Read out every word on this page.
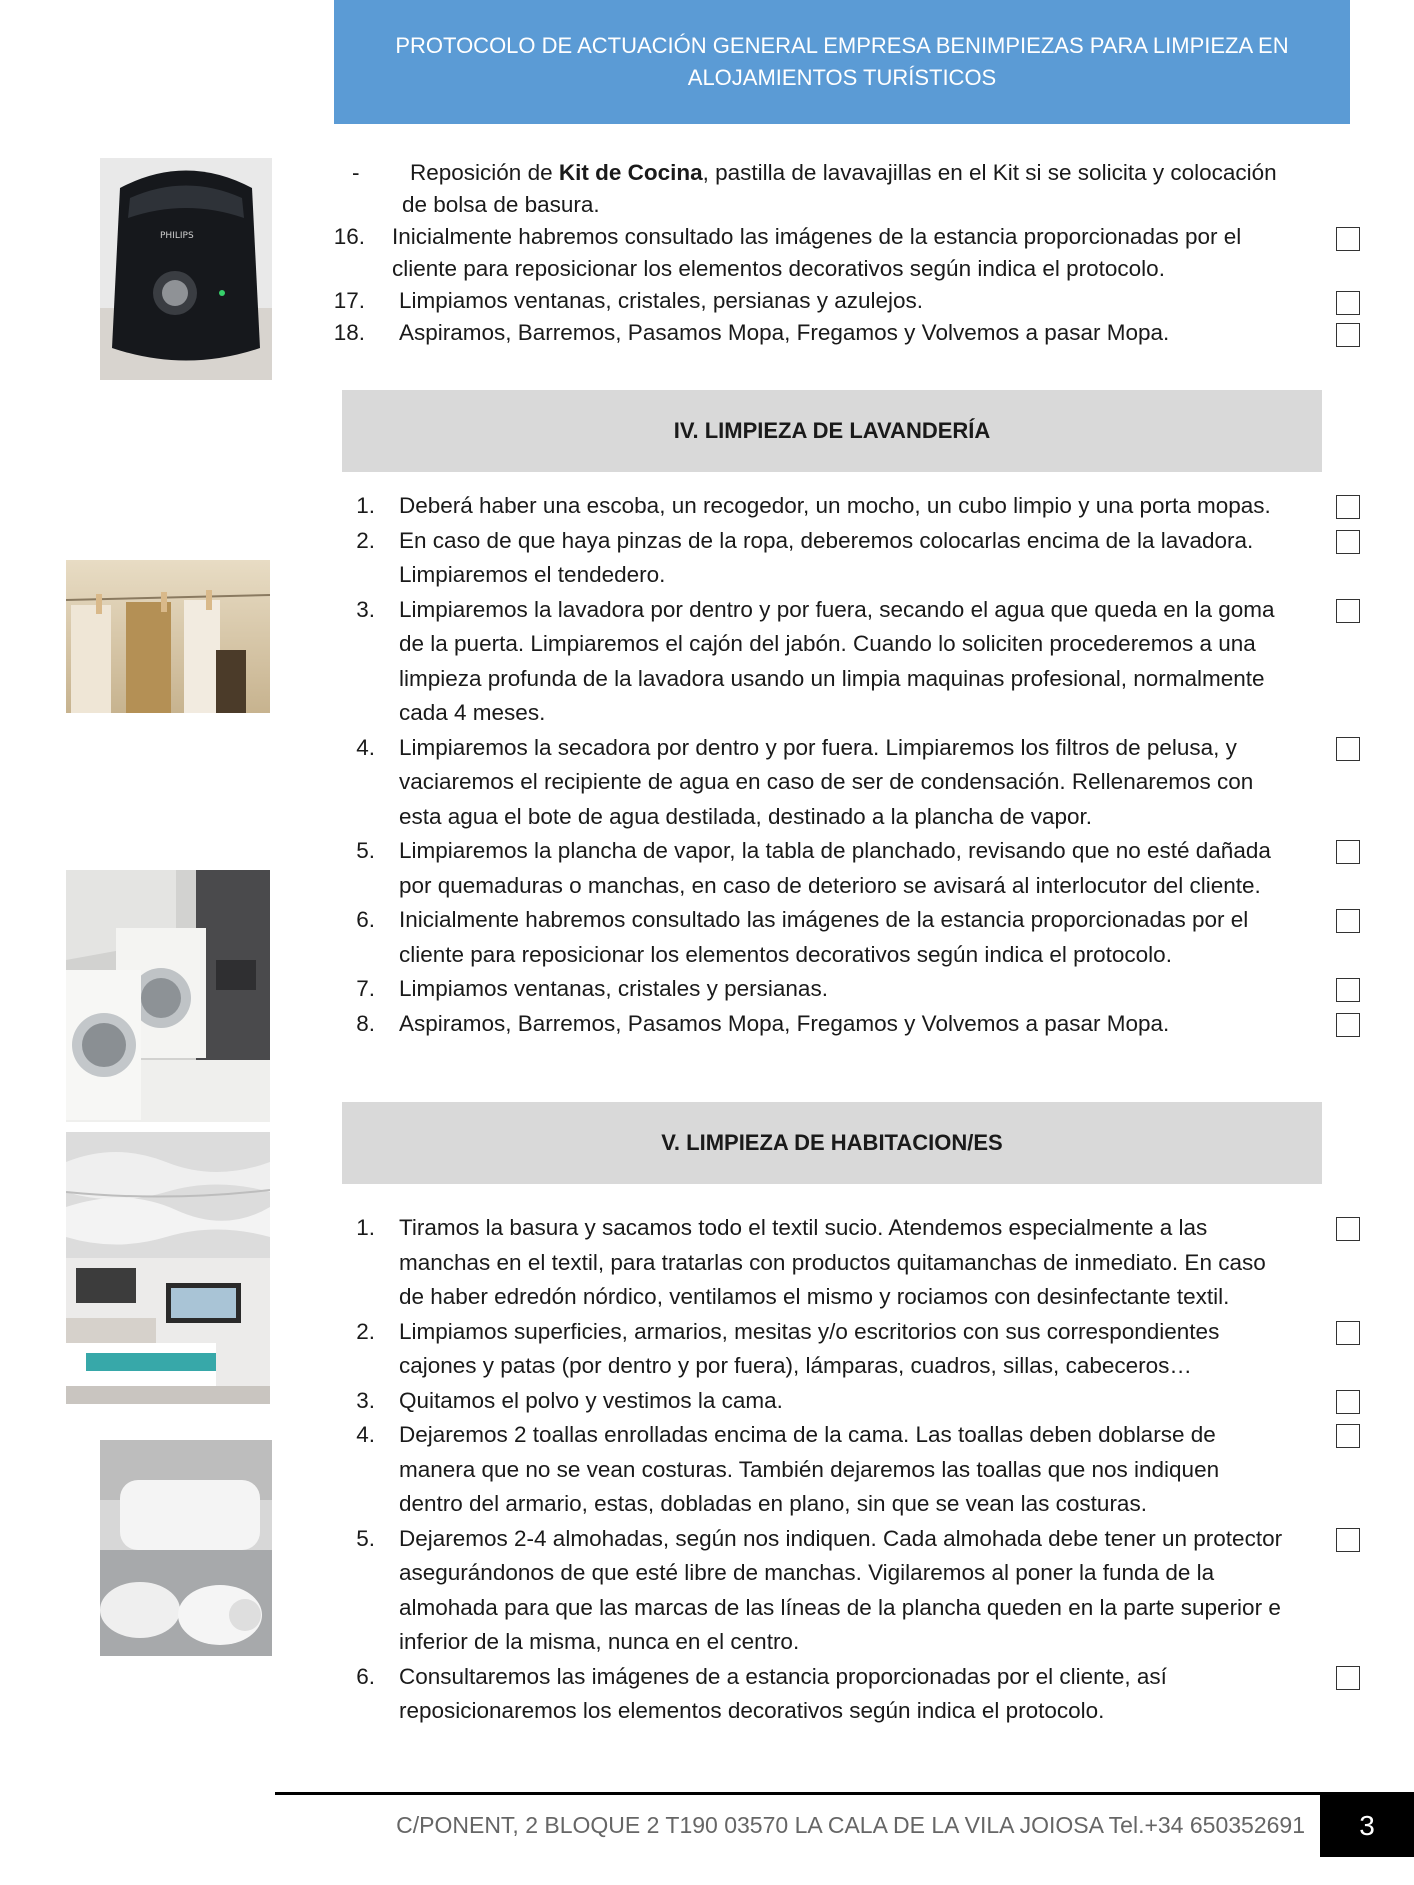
PROTOCOLO DE ACTUACIÓN GENERAL EMPRESA BENIMPIEZAS PARA LIMPIEZA EN ALOJAMIENTOS TURÍSTICOS
PHILIPS
-	Reposición de Kit de Cocina, pastilla de lavavajillas en el Kit si se solicita y colocación de bolsa de basura.
16. Inicialmente habremos consultado las imágenes de la estancia proporcionadas por el cliente para reposicionar los elementos decorativos según indica el protocolo.
17. Limpiamos ventanas, cristales, persianas y azulejos.
18. Aspiramos, Barremos, Pasamos Mopa, Fregamos y Volvemos a pasar Mopa.
IV. LIMPIEZA DE LAVANDERÍA
1. Deberá haber una escoba, un recogedor, un mocho, un cubo limpio y una porta mopas.
2. En caso de que haya pinzas de la ropa, deberemos colocarlas encima de la lavadora. Limpiaremos el tendedero.
3. Limpiaremos la lavadora por dentro y por fuera, secando el agua que queda en la goma de la puerta. Limpiaremos el cajón del jabón. Cuando lo soliciten procederemos a una limpieza profunda de la lavadora usando un limpia maquinas profesional, normalmente cada 4 meses.
4. Limpiaremos la secadora por dentro y por fuera. Limpiaremos los filtros de pelusa, y vaciaremos el recipiente de agua en caso de ser de condensación. Rellenaremos con esta agua el bote de agua destilada, destinado a la plancha de vapor.
5. Limpiaremos la plancha de vapor, la tabla de planchado, revisando que no esté dañada por quemaduras o manchas, en caso de deterioro se avisará al interlocutor del cliente.
6. Inicialmente habremos consultado las imágenes de la estancia proporcionadas por el cliente para reposicionar los elementos decorativos según indica el protocolo.
7. Limpiamos ventanas, cristales y persianas.
8. Aspiramos, Barremos, Pasamos Mopa, Fregamos y Volvemos a pasar Mopa.
V. LIMPIEZA DE HABITACION/ES
1. Tiramos la basura y sacamos todo el textil sucio. Atendemos especialmente a las manchas en el textil, para tratarlas con productos quitamanchas de inmediato. En caso de haber edredón nórdico, ventilamos el mismo y rociamos con desinfectante textil.
2. Limpiamos superficies, armarios, mesitas y/o escritorios con sus correspondientes cajones y patas (por dentro y por fuera), lámparas, cuadros, sillas, cabeceros…
3. Quitamos el polvo y vestimos la cama.
4. Dejaremos 2 toallas enrolladas encima de la cama. Las toallas deben doblarse de manera que no se vean costuras. También dejaremos las toallas que nos indiquen dentro del armario, estas, dobladas en plano, sin que se vean las costuras.
5. Dejaremos 2-4 almohadas, según nos indiquen. Cada almohada debe tener un protector asegurándonos de que esté libre de manchas. Vigilaremos al poner la funda de la almohada para que las marcas de las líneas de la plancha queden en la parte superior e inferior de la misma, nunca en el centro.
6. Consultaremos las imágenes de a estancia proporcionadas por el cliente, así reposicionaremos los elementos decorativos según indica el protocolo.
C/PONENT, 2 BLOQUE 2 T190 03570 LA CALA DE LA VILA JOIOSA Tel.+34 650352691	3
